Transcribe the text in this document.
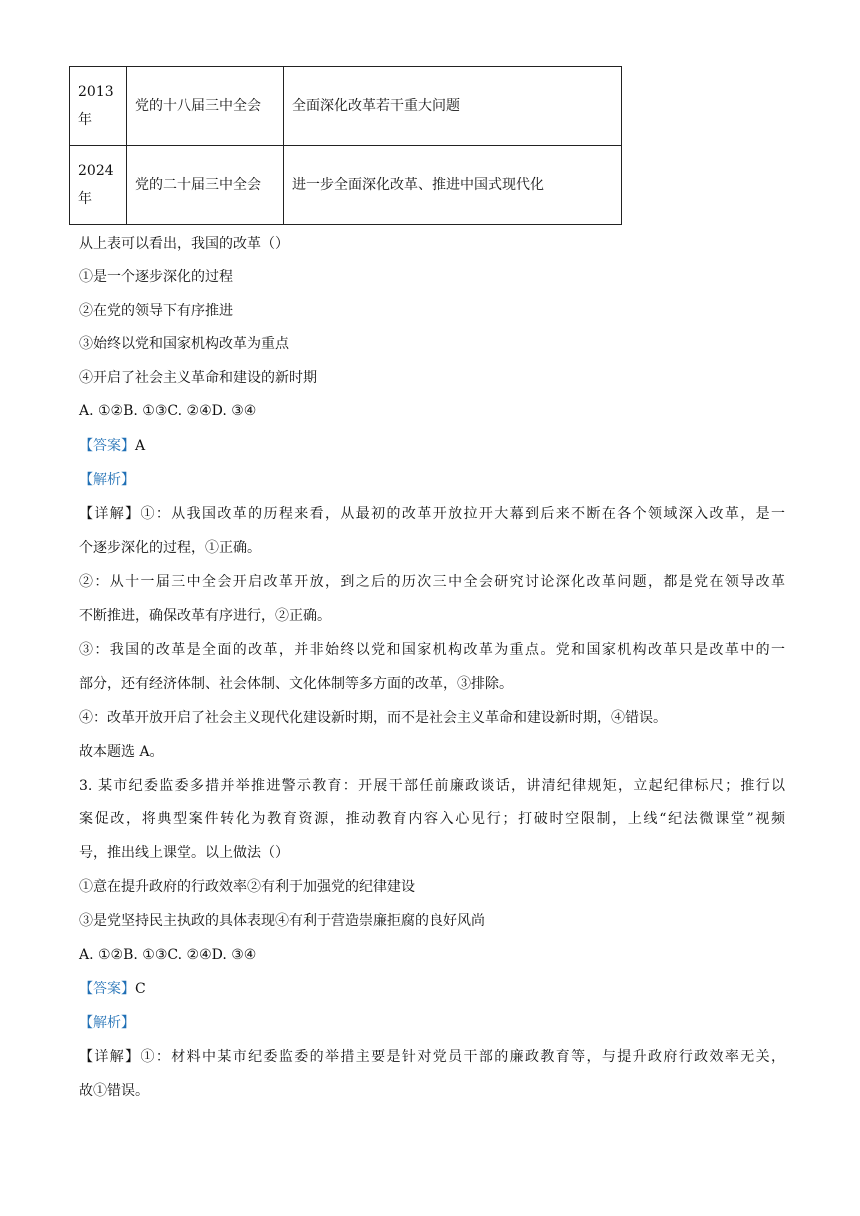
2013
年	党的十八届三中全会	全面深化改革若干重大问题
2024
年	党的二十届三中全会	进一步全面深化改革、推进中国式现代化
从上表可以看出，我国的改革（）
①是一个逐步深化的过程
②在党的领导下有序推进
③始终以党和国家机构改革为重点
④开启了社会主义革命和建设的新时期
A. ①②B. ①③C. ②④D. ③④
【答案】A
【解析】
【详解】①：从我国改革的历程来看，从最初的改革开放拉开大幕到后来不断在各个领域深入改革，是一
个逐步深化的过程，①正确。
②：从十一届三中全会开启改革开放，到之后的历次三中全会研究讨论深化改革问题，都是党在领导改革
不断推进，确保改革有序进行，②正确。
③：我国的改革是全面的改革，并非始终以党和国家机构改革为重点。党和国家机构改革只是改革中的一
部分，还有经济体制、社会体制、文化体制等多方面的改革，③排除。
④：改革开放开启了社会主义现代化建设新时期，而不是社会主义革命和建设新时期，④错误。
故本题选 A。
3. 某市纪委监委多措并举推进警示教育：开展干部任前廉政谈话，讲清纪律规矩，立起纪律标尺；推行以
案促改，将典型案件转化为教育资源，推动教育内容入心见行；打破时空限制，上线“纪法微课堂”视频
号，推出线上课堂。以上做法（）
①意在提升政府的行政效率②有利于加强党的纪律建设
③是党坚持民主执政的具体表现④有利于营造崇廉拒腐的良好风尚
A. ①②B. ①③C. ②④D. ③④
【答案】C
【解析】
【详解】①：材料中某市纪委监委的举措主要是针对党员干部的廉政教育等，与提升政府行政效率无关，
故①错误。
